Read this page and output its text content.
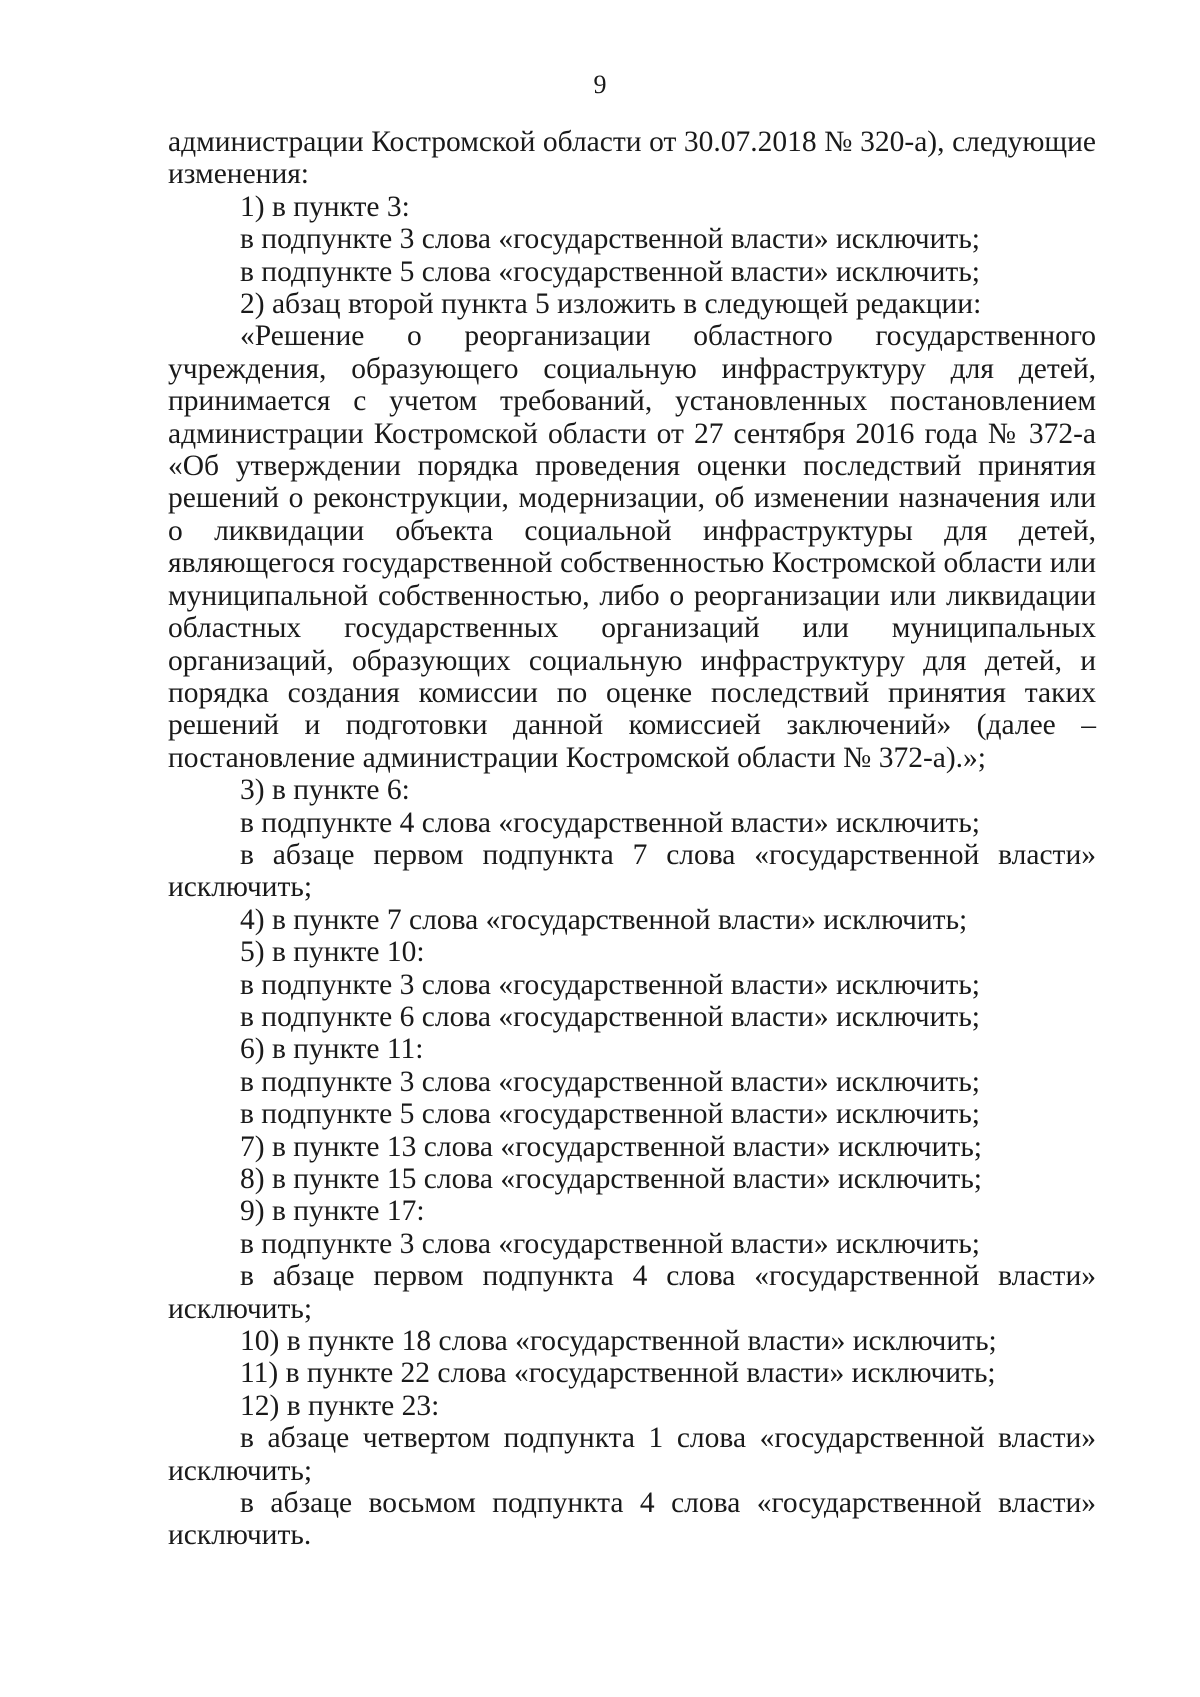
9

администрации Костромской области от 30.07.2018 № 320-а), следующие изменения:

1) в пункте 3:

в подпункте 3 слова «государственной власти» исключить;

в подпункте 5 слова «государственной власти» исключить;

2) абзац второй пункта 5 изложить в следующей редакции:

«Решение о реорганизации областного государственного учреждения, образующего социальную инфраструктуру для детей, принимается с учетом требований, установленных постановлением администрации Костромской области от 27 сентября 2016 года № 372-а «Об утверждении порядка проведения оценки последствий принятия решений о реконструкции, модернизации, об изменении назначения или о ликвидации объекта социальной инфраструктуры для детей, являющегося государственной собственностью Костромской области или муниципальной собственностью, либо о реорганизации или ликвидации областных государственных организаций или муниципальных организаций, образующих социальную инфраструктуру для детей, и порядка создания комиссии по оценке последствий принятия таких решений и подготовки данной комиссией заключений» (далее – постановление администрации Костромской области № 372-а).»;

3) в пункте 6:

в подпункте 4 слова «государственной власти» исключить;

в абзаце первом подпункта 7 слова «государственной власти» исключить;

4) в пункте 7 слова «государственной власти» исключить;

5) в пункте 10:

в подпункте 3 слова «государственной власти» исключить;

в подпункте 6 слова «государственной власти» исключить;

6) в пункте 11:

в подпункте 3 слова «государственной власти» исключить;

в подпункте 5 слова «государственной власти» исключить;

7) в пункте 13 слова «государственной власти» исключить;

8) в пункте 15 слова «государственной власти» исключить;

9) в пункте 17:

в подпункте 3 слова «государственной власти» исключить;

в абзаце первом подпункта 4 слова «государственной власти» исключить;

10) в пункте 18 слова «государственной власти» исключить;

11) в пункте 22 слова «государственной власти» исключить;

12) в пункте 23:

в абзаце четвертом подпункта 1 слова «государственной власти» исключить;

в абзаце восьмом подпункта 4 слова «государственной власти» исключить.
